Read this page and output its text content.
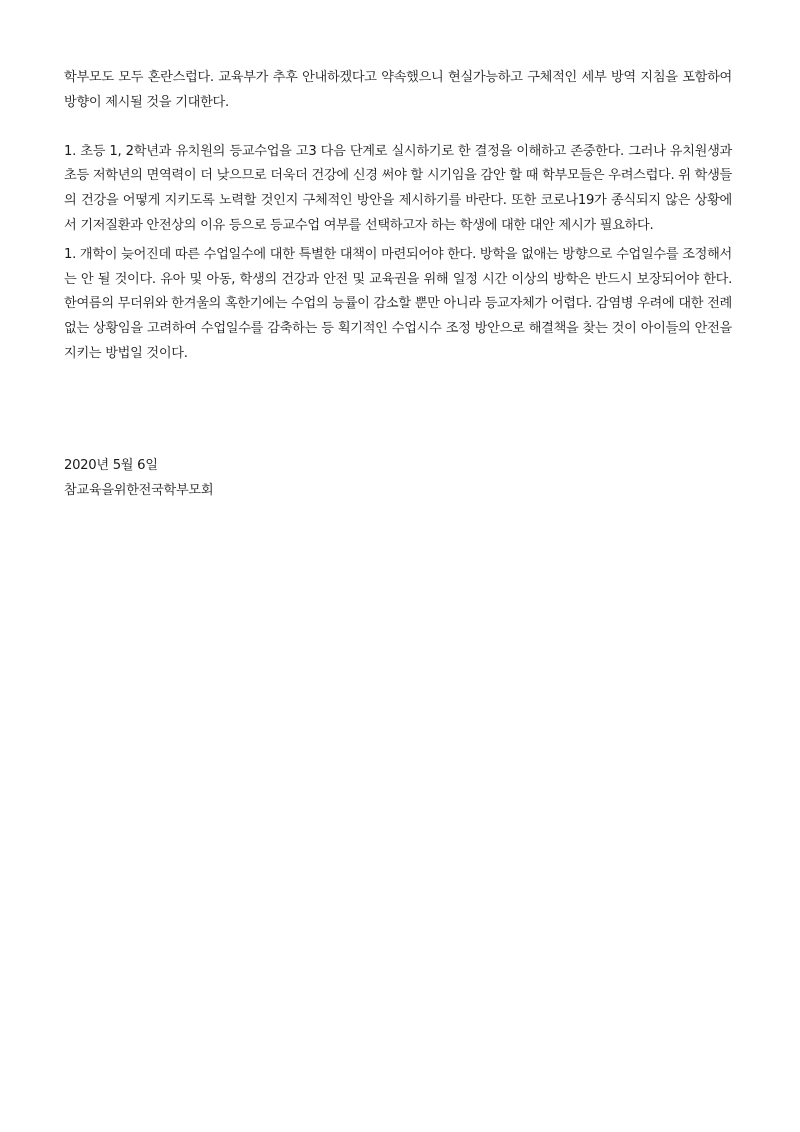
학부모도 모두 혼란스럽다. 교육부가 추후 안내하겠다고 약속했으니 현실가능하고 구체적인 세부 방역 지침을 포함하여 방향이 제시될 것을 기대한다.

1. 초등 1, 2학년과 유치원의 등교수업을 고3 다음 단계로 실시하기로 한 결정을 이해하고 존중한다. 그러나 유치원생과 초등 저학년의 면역력이 더 낮으므로 더욱더 건강에 신경 써야 할 시기임을 감안 할 때 학부모들은 우려스럽다. 위 학생들의 건강을 어떻게 지키도록 노력할 것인지 구체적인 방안을 제시하기를 바란다. 또한 코로나19가 종식되지 않은 상황에서 기저질환과 안전상의 이유 등으로 등교수업 여부를 선택하고자 하는 학생에 대한 대안 제시가 필요하다.

1. 개학이 늦어진데 따른 수업일수에 대한 특별한 대책이 마련되어야 한다. 방학을 없애는 방향으로 수업일수를 조정해서는 안 될 것이다. 유아 및 아동, 학생의 건강과 안전 및 교육권을 위해 일정 시간 이상의 방학은 반드시 보장되어야 한다. 한여름의 무더위와 한겨울의 혹한기에는 수업의 능률이 감소할 뿐만 아니라 등교자체가 어렵다. 감염병 우려에 대한 전례 없는 상황임을 고려하여 수업일수를 감축하는 등 획기적인 수업시수 조정 방안으로 해결책을 찾는 것이 아이들의 안전을 지키는 방법일 것이다.

2020년 5월 6일
참교육을위한전국학부모회
